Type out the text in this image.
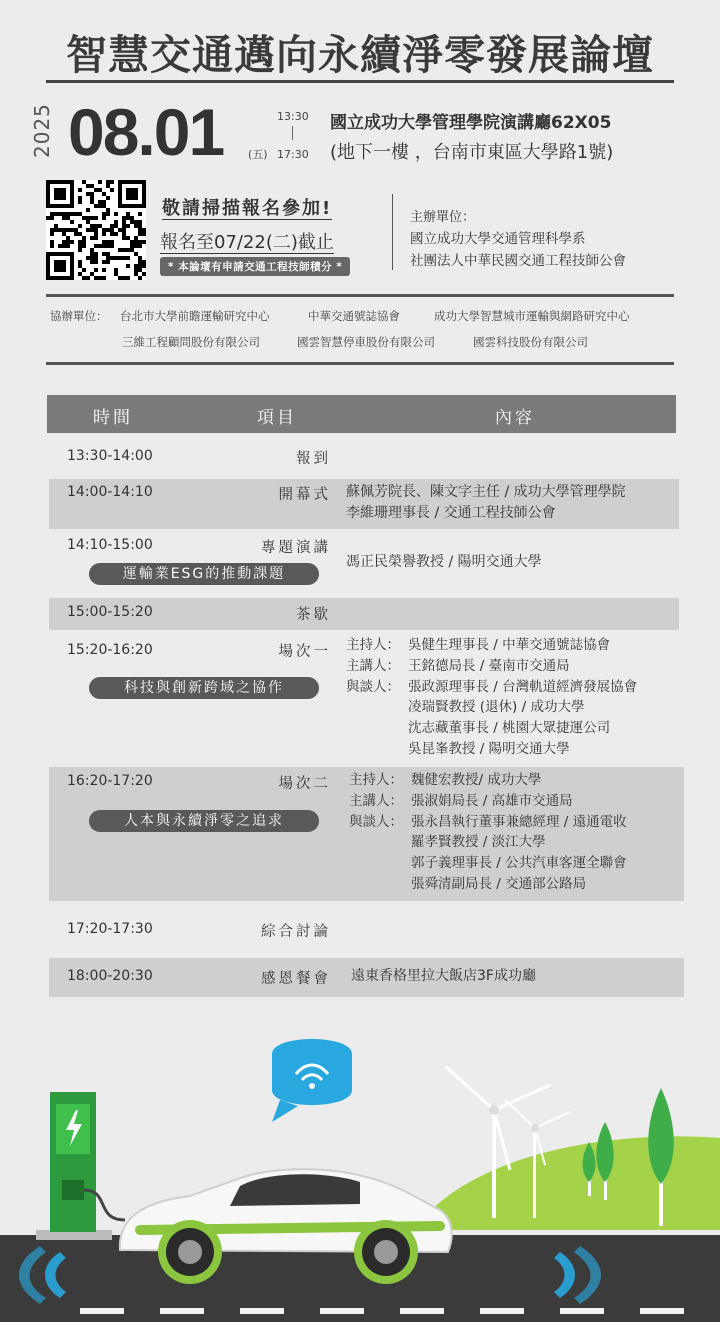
智慧交通邁向永續淨零發展論壇
2025 08.01 (五)
13:30
17:30
國立成功大學管理學院演講廳62X05
(地下一樓 ，台南市東區大學路1號)
敬請掃描報名參加!
報名至07/22(二)截止
* 本論壇有申請交通工程技師積分 *
主辦單位：
國立成功大學交通管理科學系
社團法人中華民國交通工程技師公會
協辦單位： 台北市大學前瞻運輸研究中心	中華交通號誌協會	成功大學智慧城市運輸與網路研究中心
三維工程顧問股份有限公司	國雲智慧停車股份有限公司	國雲科技股份有限公司
時間	項目	內容
13:30-14:00	報到
14:00-14:10	開幕式 蘇佩芳院長、陳文字主任 / 成功大學管理學院
李維珊理事長 / 交通工程技師公會
14:10-15:00	專題演講
運輸業ESG的推動課題
馮正民榮譽教授 / 陽明交通大學
15:00-15:20	茶歇
15:20-16:20	場次一
科技與創新跨域之協作
主持人： 吳健生理事長 / 中華交通號誌協會
主講人： 王銘德局長 / 臺南市交通局
與談人： 張政源理事長 / 台灣軌道經濟發展協會
凌瑞賢教授 (退休) / 成功大學
沈志藏董事長 / 桃園大眾捷運公司
吳昆峯教授 / 陽明交通大學
16:20-17:20	場次二
人本與永續淨零之追求
主持人： 魏健宏教授/ 成功大學
主講人： 張淑娟局長 / 高雄市交通局
與談人： 張永昌執行董事兼總經理 / 遠通電收
羅孝賢教授 / 淡江大學
郭子義理事長 / 公共汽車客運全聯會
張舜清副局長 / 交通部公路局
17:20-17:30	綜合討論
18:00-20:30	感恩餐會 遠東香格里拉大飯店3F成功廳
